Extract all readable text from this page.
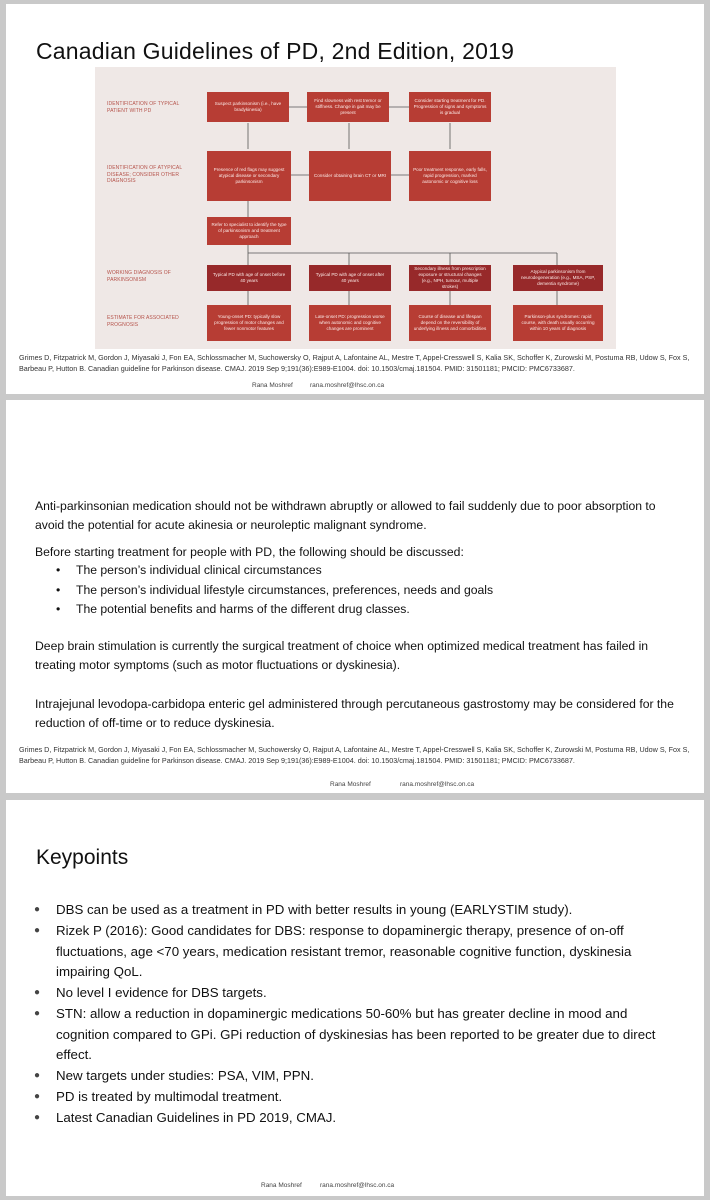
Canadian Guidelines of PD, 2nd Edition, 2019
IDENTIFICATION OF TYPICAL PATIENT WITH PD
IDENTIFICATION OF ATYPICAL DISEASE; CONSIDER OTHER DIAGNOSIS
WORKING DIAGNOSIS OF PARKINSONISM
ESTIMATE FOR ASSOCIATED PROGNOSIS
Suspect parkinsonism (i.e., have bradykinesia)
Find slowness with rest tremor or stiffness. Change in gait may be present
Consider starting treatment for PD. Progression of signs and symptoms is gradual
Presence of red flags may suggest atypical disease or secondary parkinsonism
Consider obtaining brain CT or MRI
Poor treatment response, early falls, rapid progression, marked autonomic or cognitive loss
Refer to specialist to identify the type of parkinsonism and treatment approach
Typical PD with age of onset before 40 years
Typical PD with age of onset after 40 years
Secondary illness from prescription exposure or structural changes (e.g., NPH, tumour, multiple strokes)
Atypical parkinsonism from neurodegeneration (e.g., MSA, PSP, dementia syndrome)
Young-onset PD: typically slow progression of motor changes and fewer nonmotor features
Late-onset PD: progression worse when autonomic and cognitive changes are prominent
Course of disease and lifespan depend on the reversibility of underlying illness and comorbidities
Parkinson-plus syndromes: rapid course, with death usually occurring within 10 years of diagnosis
Grimes D, Fitzpatrick M, Gordon J, Miyasaki J, Fon EA, Schlossmacher M, Suchowersky O, Rajput A, Lafontaine AL, Mestre T, Appel-Cresswell S, Kalia SK, Schoffer K, Zurowski M, Postuma RB, Udow S, Fox S, Barbeau P, Hutton B. Canadian guideline for Parkinson disease. CMAJ. 2019 Sep 9;191(36):E989-E1004. doi: 10.1503/cmaj.181504. PMID: 31501181; PMCID: PMC6733687.
Rana Moshref	rana.moshref@lhsc.on.ca
Anti-parkinsonian medication should not be withdrawn abruptly or allowed to fail suddenly due to poor absorption to avoid the potential for acute akinesia or neuroleptic malignant syndrome.
Before starting treatment for people with PD, the following should be discussed:
• The person’s individual clinical circumstances
• The person’s individual lifestyle circumstances, preferences, needs and goals
• The potential benefits and harms of the different drug classes.
Deep brain stimulation is currently the surgical treatment of choice when optimized medical treatment has failed in treating motor symptoms (such as motor fluctuations or dyskinesia).
Intrajejunal levodopa-carbidopa enteric gel administered through percutaneous gastrostomy may be considered for the reduction of off-time or to reduce dyskinesia.
Grimes D, Fitzpatrick M, Gordon J, Miyasaki J, Fon EA, Schlossmacher M, Suchowersky O, Rajput A, Lafontaine AL, Mestre T, Appel-Cresswell S, Kalia SK, Schoffer K, Zurowski M, Postuma RB, Udow S, Fox S, Barbeau P, Hutton B. Canadian guideline for Parkinson disease. CMAJ. 2019 Sep 9;191(36):E989-E1004. doi: 10.1503/cmaj.181504. PMID: 31501181; PMCID: PMC6733687.
Rana Moshref	rana.moshref@lhsc.on.ca
Keypoints
● DBS can be used as a treatment in PD with better results in young (EARLYSTIM study).
● Rizek P (2016): Good candidates for DBS: response to dopaminergic therapy, presence of on-off fluctuations, age <70 years, medication resistant tremor, reasonable cognitive function, dyskinesia impairing QoL.
● No level I evidence for DBS targets.
● STN: allow a reduction in dopaminergic medications 50-60% but has greater decline in mood and cognition compared to GPi. GPi reduction of dyskinesias has been reported to be greater due to direct effect.
● New targets under studies: PSA, VIM, PPN.
● PD is treated by multimodal treatment.
● Latest Canadian Guidelines in PD 2019, CMAJ.
Rana Moshref	rana.moshref@lhsc.on.ca
